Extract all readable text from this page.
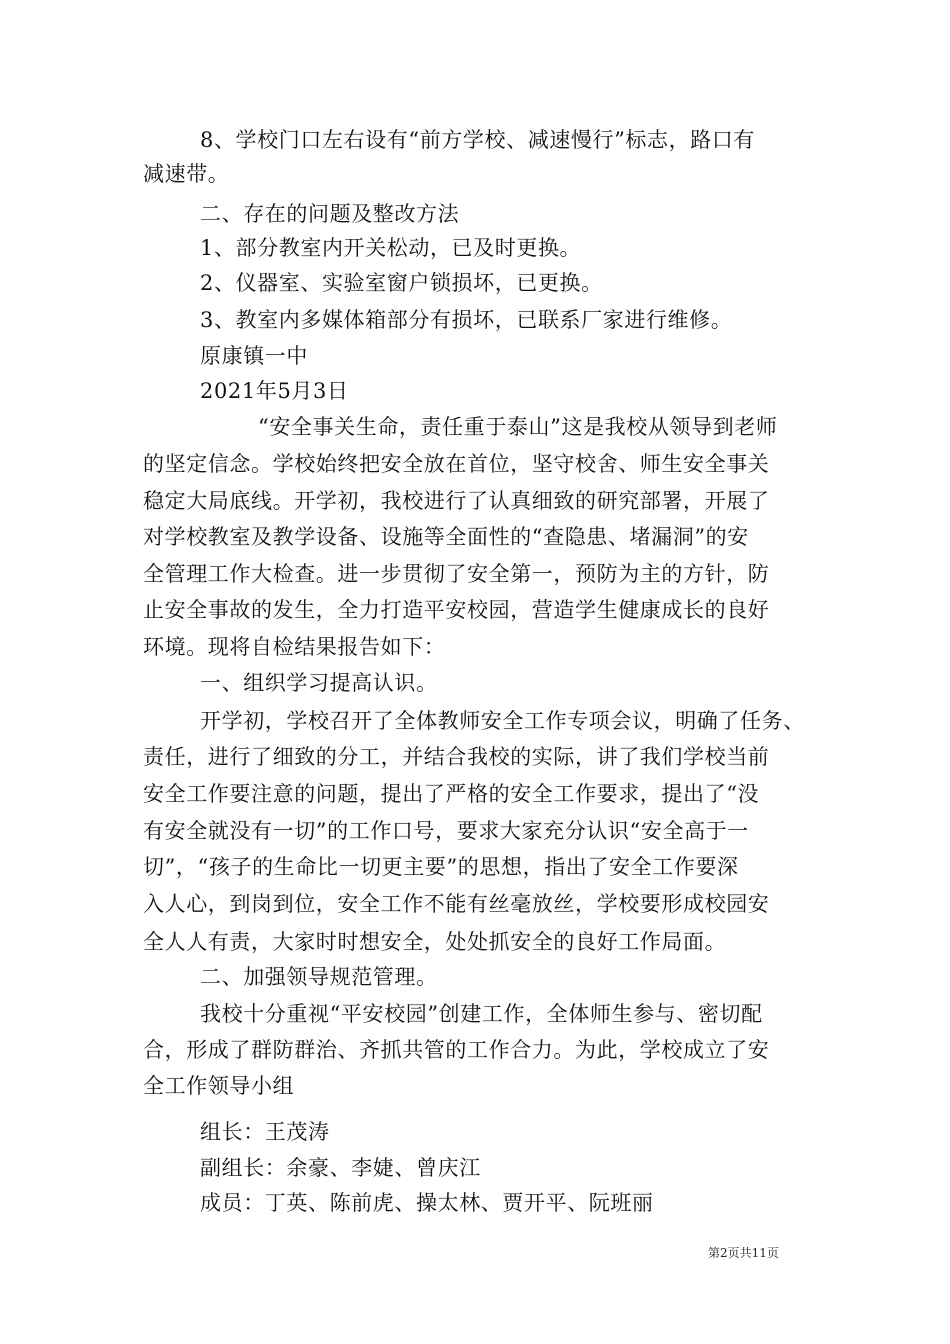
8、学校门口左右设有“前方学校、减速慢行”标志，路口有
减速带。
二、存在的问题及整改方法
1、部分教室内开关松动，已及时更换。
2、仪器室、实验室窗户锁损坏，已更换。
3、教室内多媒体箱部分有损坏，已联系厂家进行维修。
原康镇一中
2021年5月3日
“安全事关生命，责任重于泰山”这是我校从领导到老师
的坚定信念。学校始终把安全放在首位，坚守校舍、师生安全事关
稳定大局底线。开学初，我校进行了认真细致的研究部署，开展了
对学校教室及教学设备、设施等全面性的“查隐患、堵漏洞”的安
全管理工作大检查。进一步贯彻了安全第一，预防为主的方针，防
止安全事故的发生，全力打造平安校园，营造学生健康成长的良好
环境。现将自检结果报告如下：
一、组织学习提高认识。
开学初，学校召开了全体教师安全工作专项会议，明确了任务、
责任，进行了细致的分工，并结合我校的实际，讲了我们学校当前
安全工作要注意的问题，提出了严格的安全工作要求，提出了“没
有安全就没有一切”的工作口号，要求大家充分认识“安全高于一
切”，“孩子的生命比一切更主要”的思想，指出了安全工作要深
入人心，到岗到位，安全工作不能有丝毫放丝，学校要形成校园安
全人人有责，大家时时想安全，处处抓安全的良好工作局面。
二、加强领导规范管理。
我校十分重视“平安校园”创建工作，全体师生参与、密切配
合，形成了群防群治、齐抓共管的工作合力。为此，学校成立了安
全工作领导小组
组长：王茂涛
副组长：余豪、李婕、曾庆江
成员：丁英、陈前虎、操太林、贾开平、阮班丽
第2页共11页
